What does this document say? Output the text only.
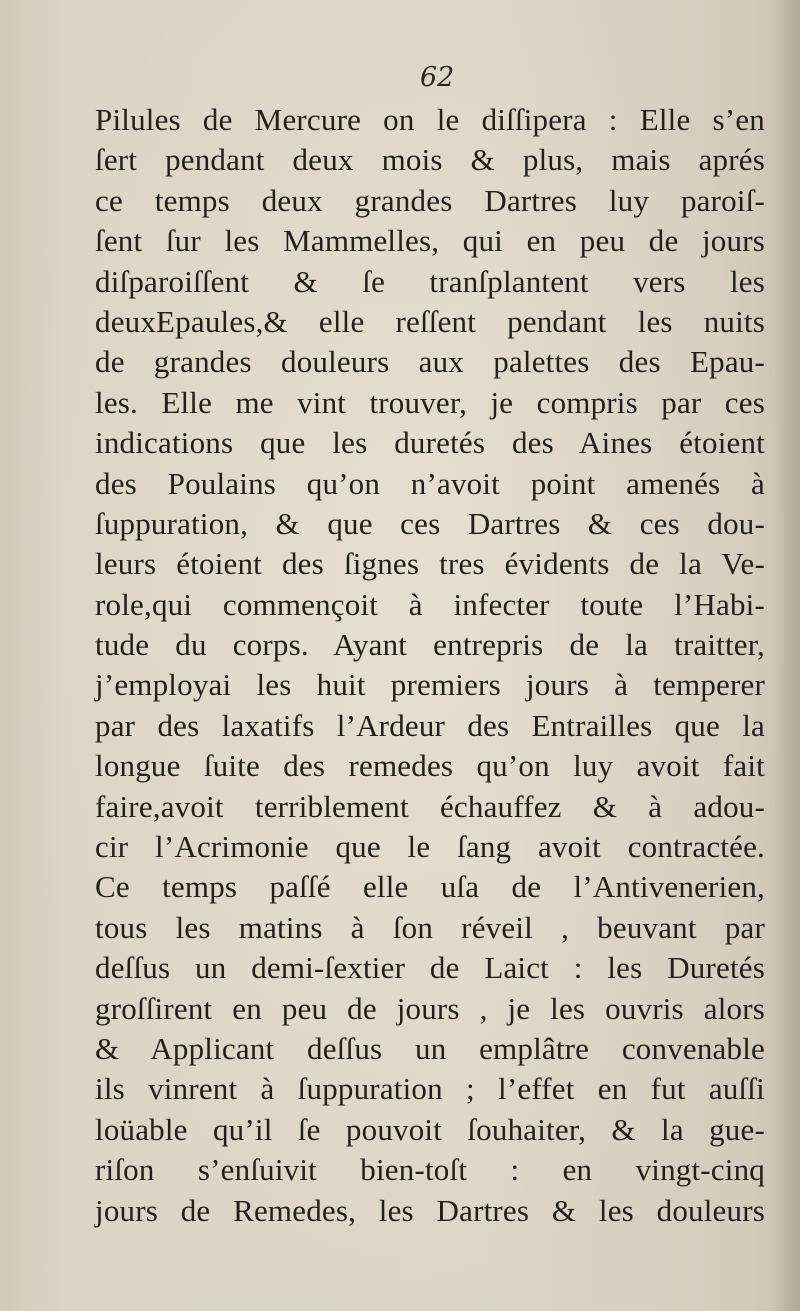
62
Pilules de Mercure on le diſſipera : Elle s’en
ſert pendant deux mois & plus, mais aprés
ce temps deux grandes Dartres luy paroiſ-
ſent ſur les Mammelles, qui en peu de jours
diſparoiſſent & ſe tranſplantent vers les
deuxEpaules,& elle reſſent pendant les nuits
de grandes douleurs aux palettes des Epau-
les. Elle me vint trouver, je compris par ces
indications que les duretés des Aines étoient
des Poulains qu’on n’avoit point amenés à
ſuppuration, & que ces Dartres & ces dou-
leurs étoient des ſignes tres évidents de la Ve-
role,qui commençoit à infecter toute l’Habi-
tude du corps. Ayant entrepris de la traitter,
j’employai les huit premiers jours à temperer
par des laxatifs l’Ardeur des Entrailles que la
longue ſuite des remedes qu’on luy avoit fait
faire,avoit terriblement échauffez & à adou-
cir l’Acrimonie que le ſang avoit contractée.
Ce temps paſſé elle uſa de l’Antivenerien,
tous les matins à ſon réveil , beuvant par
deſſus un demi-ſextier de Laict : les Duretés
groſſirent en peu de jours , je les ouvris alors
& Applicant deſſus un emplâtre convenable
ils vinrent à ſuppuration ; l’effet en fut auſſi
loüable qu’il ſe pouvoit ſouhaiter, & la gue-
riſon s’enſuivit bien-toſt : en vingt-cinq
jours de Remedes, les Dartres & les douleurs
